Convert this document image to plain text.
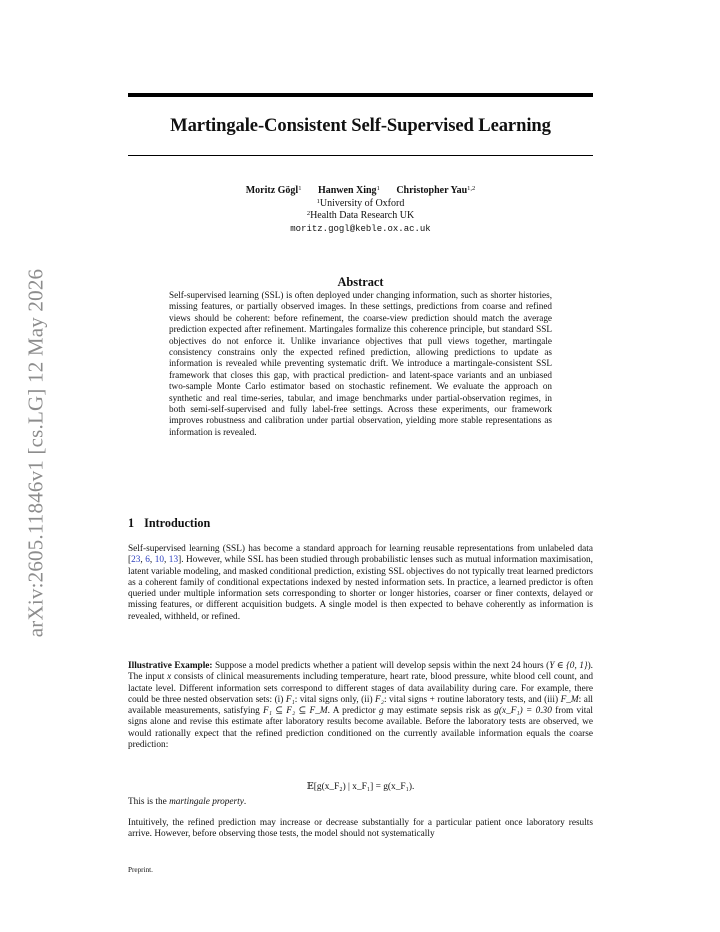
arXiv:2605.11846v1 [cs.LG] 12 May 2026
Martingale-Consistent Self-Supervised Learning
Moritz Gögl$^1$ Hanwen Xing$^1$ Christopher Yau$^{1,2}$
$^1$University of Oxford
$^2$Health Data Research UK
moritz.gogl@keble.ox.ac.uk
Abstract
Self-supervised learning (SSL) is often deployed under changing information, such as shorter histories, missing features, or partially observed images. In these settings, predictions from coarse and refined views should be coherent: before refinement, the coarse-view prediction should match the average prediction expected after refinement. Martingales formalize this coherence principle, but standard SSL objectives do not enforce it. Unlike invariance objectives that pull views together, martingale consistency constrains only the expected refined prediction, allowing predictions to update as information is revealed while preventing systematic drift. We introduce a martingale-consistent SSL framework that closes this gap, with practical prediction- and latent-space variants and an unbiased two-sample Monte Carlo estimator based on stochastic refinement. We evaluate the approach on synthetic and real time-series, tabular, and image benchmarks under partial-observation regimes, in both semi-self-supervised and fully label-free settings. Across these experiments, our framework improves robustness and calibration under partial observation, yielding more stable representations as information is revealed.
1 Introduction
Self-supervised learning (SSL) has become a standard approach for learning reusable representations from unlabeled data [23, 6, 10, 13]. However, while SSL has been studied through probabilistic lenses such as mutual information maximisation, latent variable modeling, and masked conditional prediction, existing SSL objectives do not typically treat learned predictors as a coherent family of conditional expectations indexed by nested information sets. In practice, a learned predictor is often queried under multiple information sets corresponding to shorter or longer histories, coarser or finer contexts, delayed or missing features, or different acquisition budgets. A single model is then expected to behave coherently as information is revealed, withheld, or refined.
Illustrative Example: Suppose a model predicts whether a patient will develop sepsis within the next 24 hours (Y ∈ {0, 1}). The input x consists of clinical measurements including temperature, heart rate, blood pressure, white blood cell count, and lactate level. Different information sets correspond to different stages of data availability during care. For example, there could be three nested observation sets: (i) F₁: vital signs only, (ii) F₂: vital signs + routine laboratory tests, and (iii) F_M: all available measurements, satisfying F₁ ⊆ F₂ ⊆ F_M. A predictor g may estimate sepsis risk as g(x_F₁) = 0.30 from vital signs alone and revise this estimate after laboratory results become available. Before the laboratory tests are observed, we would rationally expect that the refined prediction conditioned on the currently available information equals the coarse prediction:
𝔼[g(x_F₂) | x_F₁] = g(x_F₁).
This is the martingale property.
Intuitively, the refined prediction may increase or decrease substantially for a particular patient once laboratory results arrive. However, before observing those tests, the model should not systematically
Preprint.
